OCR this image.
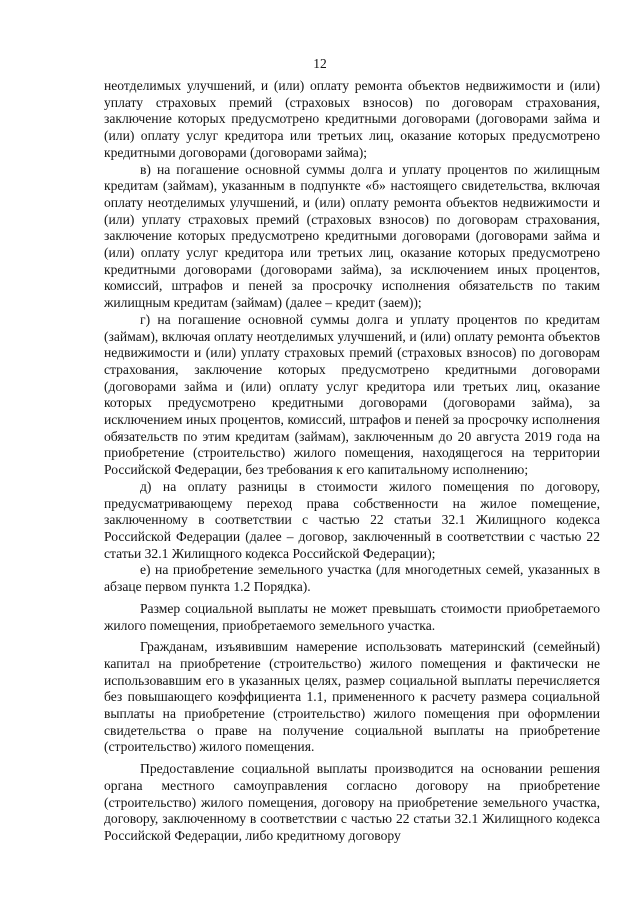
12

неотделимых улучшений, и (или) оплату ремонта объектов недвижимости и (или) уплату страховых премий (страховых взносов) по договорам страхования, заключение которых предусмотрено кредитными договорами (договорами займа и (или) оплату услуг кредитора или третьих лиц, оказание которых предусмотрено кредитными договорами (договорами займа);

в) на погашение основной суммы долга и уплату процентов по жилищным кредитам (займам), указанным в подпункте «б» настоящего свидетельства, включая оплату неотделимых улучшений, и (или) оплату ремонта объектов недвижимости и (или) уплату страховых премий (страховых взносов) по договорам страхования, заключение которых предусмотрено кредитными договорами (договорами займа и (или) оплату услуг кредитора или третьих лиц, оказание которых предусмотрено кредитными договорами (договорами займа), за исключением иных процентов, комиссий, штрафов и пеней за просрочку исполнения обязательств по таким жилищным кредитам (займам) (далее – кредит (заем));

г) на погашение основной суммы долга и уплату процентов по кредитам (займам), включая оплату неотделимых улучшений, и (или) оплату ремонта объектов недвижимости и (или) уплату страховых премий (страховых взносов) по договорам страхования, заключение которых предусмотрено кредитными договорами (договорами займа и (или) оплату услуг кредитора или третьих лиц, оказание которых предусмотрено кредитными договорами (договорами займа), за исключением иных процентов, комиссий, штрафов и пеней за просрочку исполнения обязательств по этим кредитам (займам), заключенным до 20 августа 2019 года на приобретение (строительство) жилого помещения, находящегося на территории Российской Федерации, без требования к его капитальному исполнению;

д) на оплату разницы в стоимости жилого помещения по договору, предусматривающему переход права собственности на жилое помещение, заключенному в соответствии с частью 22 статьи 32.1 Жилищного кодекса Российской Федерации (далее – договор, заключенный в соответствии с частью 22 статьи 32.1 Жилищного кодекса Российской Федерации);

е) на приобретение земельного участка (для многодетных семей, указанных в абзаце первом пункта 1.2 Порядка).

Размер социальной выплаты не может превышать стоимости приобретаемого жилого помещения, приобретаемого земельного участка.

Гражданам, изъявившим намерение использовать материнский (семейный) капитал на приобретение (строительство) жилого помещения и фактически не использовавшим его в указанных целях, размер социальной выплаты перечисляется без повышающего коэффициента 1.1, примененного к расчету размера социальной выплаты на приобретение (строительство) жилого помещения при оформлении свидетельства о праве на получение социальной выплаты на приобретение (строительство) жилого помещения.

Предоставление социальной выплаты производится на основании решения органа местного самоуправления согласно договору на приобретение (строительство) жилого помещения, договору на приобретение земельного участка, договору, заключенному в соответствии с частью 22 статьи 32.1 Жилищного кодекса Российской Федерации, либо кредитному договору
